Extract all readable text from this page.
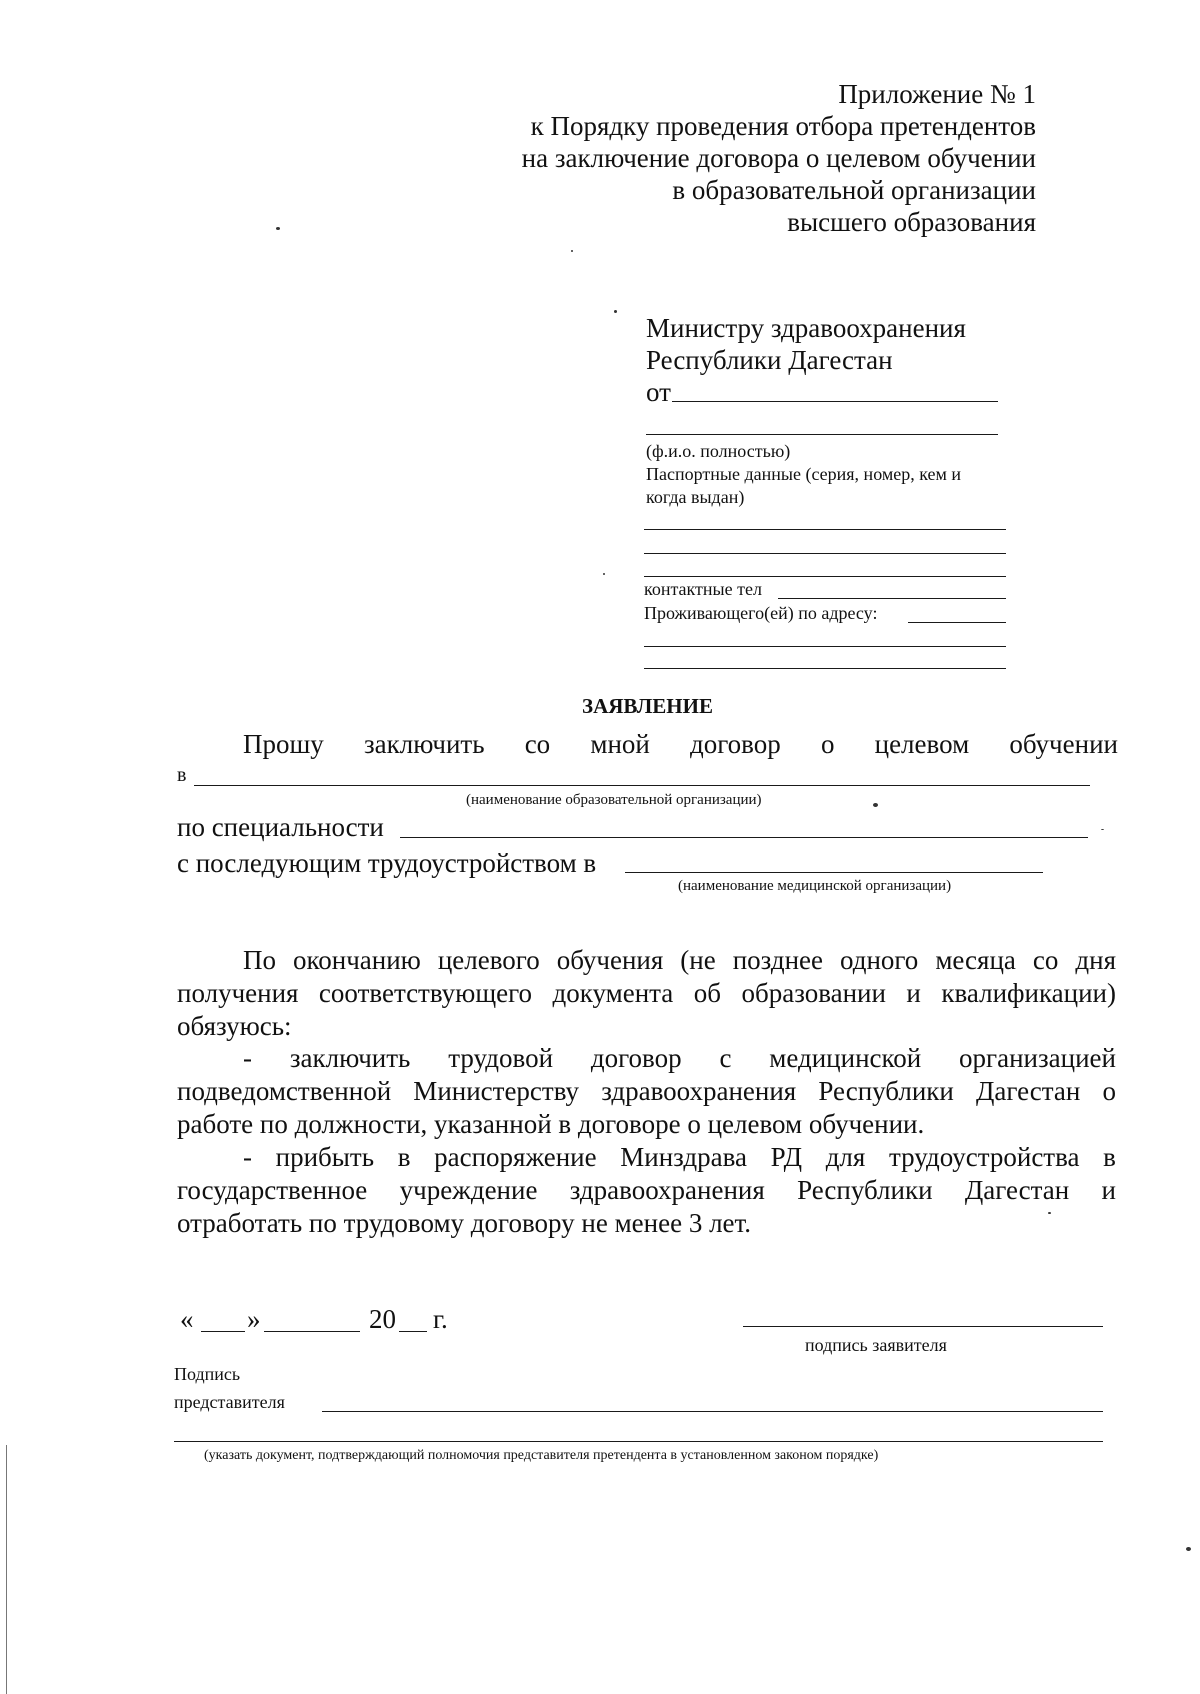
Приложение № 1
к Порядку проведения отбора претендентов
на заключение договора о целевом обучении
в образовательной организации
высшего образования
Министру здравоохранения
Республики Дагестан
от
(ф.и.о. полностью)
Паспортные данные (серия, номер, кем и
когда выдан)
контактные тел
Проживающего(ей) по адресу:
ЗАЯВЛЕНИЕ
Прошу заключить со мной договор о целевом обучении
в
(наименование образовательной организации)
по специальности
с последующим трудоустройством в
(наименование медицинской организации)
По окончанию целевого обучения (не позднее одного месяца со дня
получения соответствующего документа об образовании и квалификации)
обязуюсь:
- заключить трудовой договор с медицинской организацией
подведомственной Министерству здравоохранения Республики Дагестан о
работе по должности, указанной в договоре о целевом обучении.
- прибыть в распоряжение Минздрава РД для трудоустройства в
государственное учреждение здравоохранения Республики Дагестан и
отработать по трудовому договору не менее 3 лет.
« »	20 г.
подпись заявителя
Подпись
представителя
(указать документ, подтверждающий полномочия представителя претендента в установленном законом порядке)
